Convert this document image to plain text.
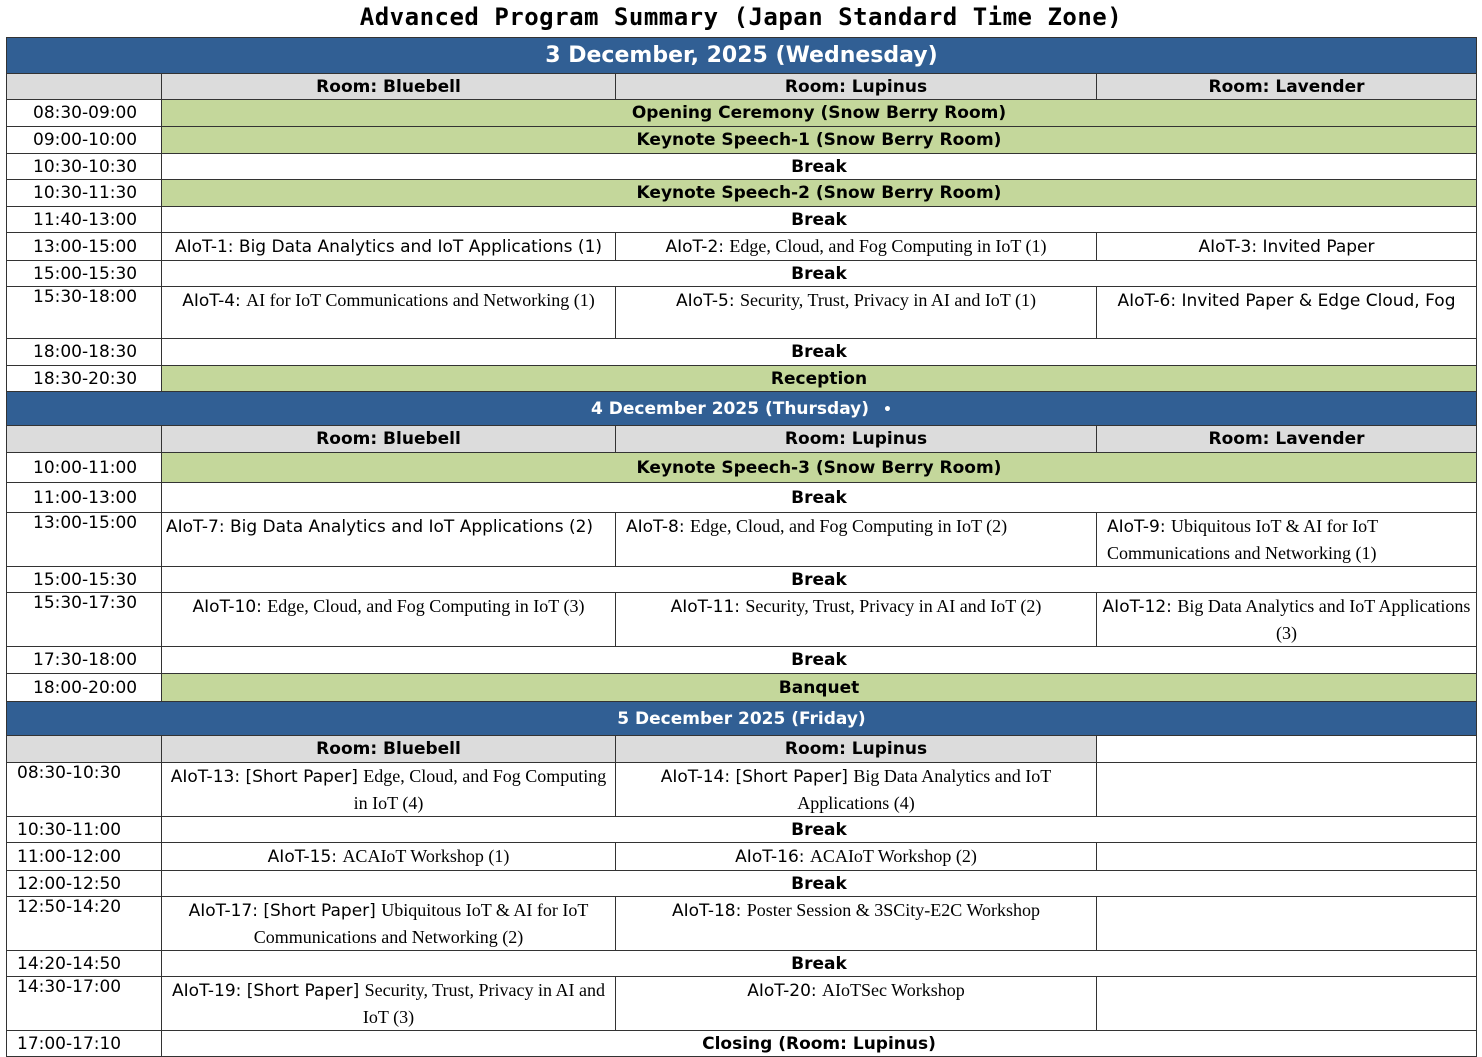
Advanced Program Summary (Japan Standard Time Zone)
3 December, 2025 (Wednesday)			
	Room: Bluebell	Room: Lupinus	Room: Lavender
08:30-09:00	Opening Ceremony (Snow Berry Room)		
09:00-10:00	Keynote Speech-1 (Snow Berry Room)		
10:30-10:30	Break		
10:30-11:30	Keynote Speech-2 (Snow Berry Room)		
11:40-13:00	Break		
13:00-15:00	AIoT-1: Big Data Analytics and IoT Applications (1)	AIoT-2: Edge, Cloud, and Fog Computing in IoT (1)	AIoT-3: Invited Paper
15:00-15:30	Break		
15:30-18:00	AIoT-4: AI for IoT Communications and Networking (1)	AIoT-5: Security, Trust, Privacy in AI and IoT (1)	AIoT-6: Invited Paper & Edge Cloud, Fog
18:00-18:30	Break		
18:30-20:30	Reception		
4 December 2025 (Thursday) •			
	Room: Bluebell	Room: Lupinus	Room: Lavender
10:00-11:00	Keynote Speech-3 (Snow Berry Room)		
11:00-13:00	Break		
13:00-15:00	AIoT-7: Big Data Analytics and IoT Applications (2)	AIoT-8: Edge, Cloud, and Fog Computing in IoT (2)	AIoT-9: Ubiquitous IoT & AI for IoT Communications and Networking (1)
15:00-15:30	Break		
15:30-17:30	AIoT-10: Edge, Cloud, and Fog Computing in IoT (3)	AIoT-11: Security, Trust, Privacy in AI and IoT (2)	AIoT-12: Big Data Analytics and IoT Applications (3)
17:30-18:00	Break		
18:00-20:00	Banquet		
5 December 2025 (Friday)			
	Room: Bluebell	Room: Lupinus	
08:30-10:30	AIoT-13: [Short Paper] Edge, Cloud, and Fog Computing in IoT (4)	AIoT-14: [Short Paper] Big Data Analytics and IoT Applications (4)	
10:30-11:00	Break		
11:00-12:00	AIoT-15: ACAIoT Workshop (1)	AIoT-16: ACAIoT Workshop (2)	
12:00-12:50	Break		
12:50-14:20	AIoT-17: [Short Paper] Ubiquitous IoT & AI for IoT Communications and Networking (2)	AIoT-18: Poster Session & 3SCity-E2C Workshop	
14:20-14:50	Break		
14:30-17:00	AIoT-19: [Short Paper] Security, Trust, Privacy in AI and IoT (3)	AIoT-20: AIoTSec Workshop	
17:00-17:10	Closing (Room: Lupinus)		
